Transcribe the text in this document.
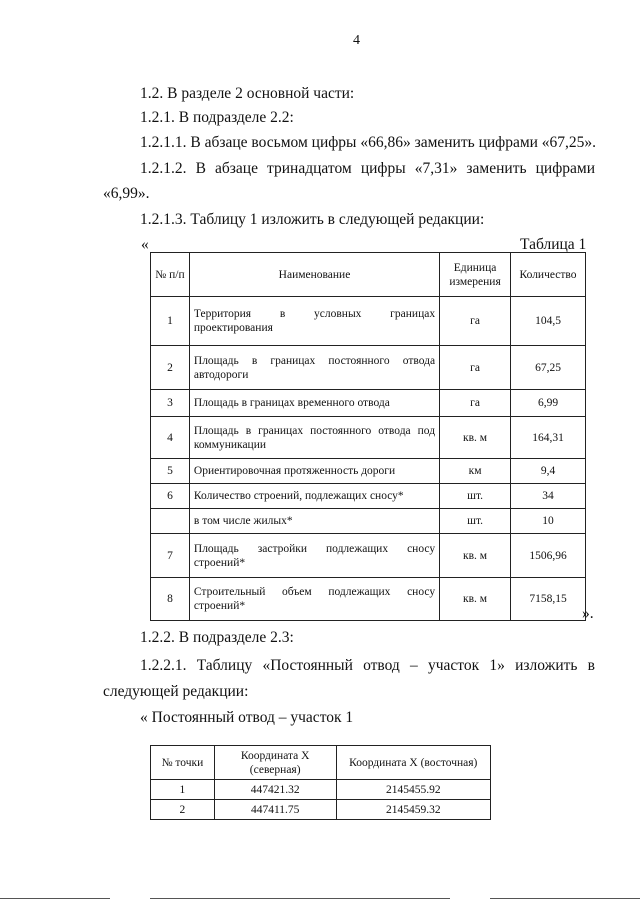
4
1.2. В разделе 2 основной части:
1.2.1. В подразделе 2.2:
1.2.1.1. В абзаце восьмом цифры «66,86» заменить цифрами «67,25».
1.2.1.2. В абзаце тринадцатом цифры «7,31» заменить цифрами
«6,99».
1.2.1.3. Таблицу 1 изложить в следующей редакции:
«	Таблица 1
№ п/п	Наименование	Единица измерения	Количество
1	Территория в условных границах проектирования	га	104,5
2	Площадь в границах постоянного отвода автодороги	га	67,25
3	Площадь в границах временного отвода	га	6,99
4	Площадь в границах постоянного отвода под коммуникации	кв. м	164,31
5	Ориентировочная протяженность дороги	км	9,4
6	Количество строений, подлежащих сносу*	шт.	34
	в том числе жилых*	шт.	10
7	Площадь застройки подлежащих сносу строений*	кв. м	1506,96
8	Строительный объем подлежащих сносу строений*	кв. м	7158,15
».
1.2.2. В подразделе 2.3:
1.2.2.1. Таблицу «Постоянный отвод – участок 1» изложить в
следующей редакции:
« Постоянный отвод – участок 1
№ точки	Координата X (северная)	Координата X (восточная)
1	447421.32	2145455.92
2	447411.75	2145459.32
